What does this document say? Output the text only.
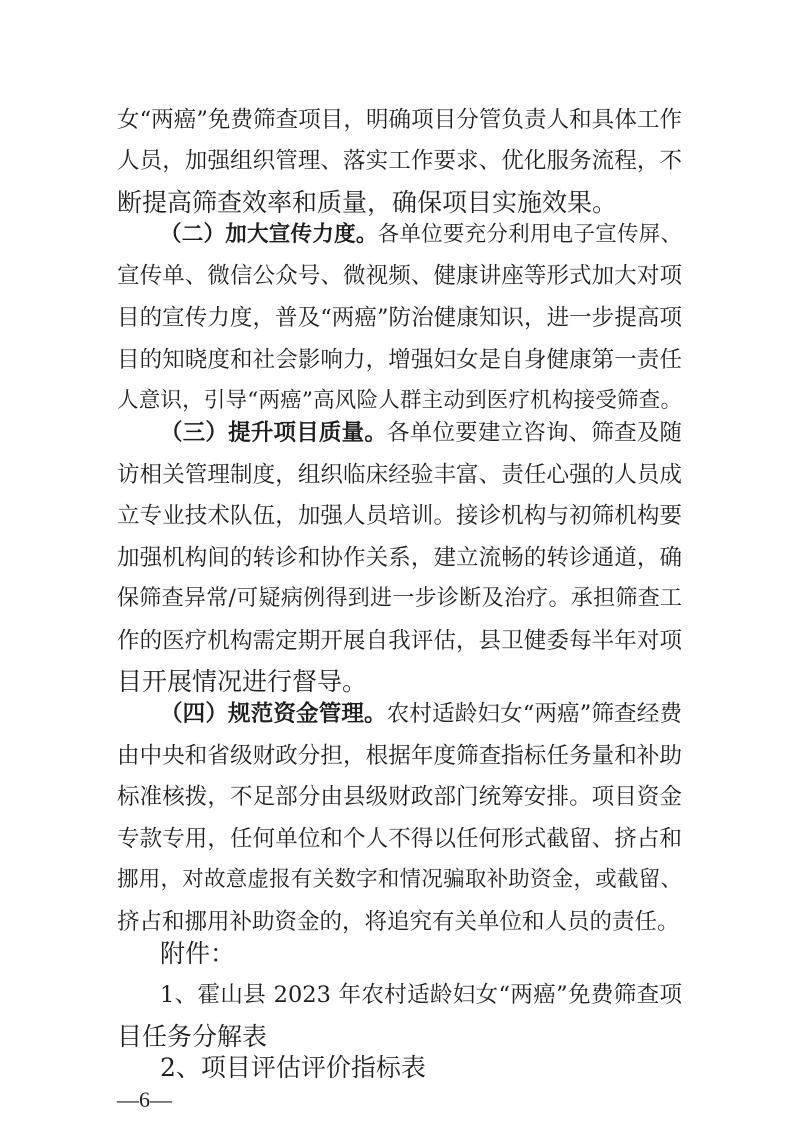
女“两癌”免费筛查项目，明确项目分管负责人和具体工作
人员，加强组织管理、落实工作要求、优化服务流程，不
断提高筛查效率和质量，确保项目实施效果。
（二）加大宣传力度。各单位要充分利用电子宣传屏、
宣传单、微信公众号、微视频、健康讲座等形式加大对项
目的宣传力度，普及“两癌”防治健康知识，进一步提高项
目的知晓度和社会影响力，增强妇女是自身健康第一责任
人意识，引导“两癌”高风险人群主动到医疗机构接受筛查。
（三）提升项目质量。各单位要建立咨询、筛查及随
访相关管理制度，组织临床经验丰富、责任心强的人员成
立专业技术队伍，加强人员培训。接诊机构与初筛机构要
加强机构间的转诊和协作关系，建立流畅的转诊通道，确
保筛查异常/可疑病例得到进一步诊断及治疗。承担筛查工
作的医疗机构需定期开展自我评估，县卫健委每半年对项
目开展情况进行督导。
（四）规范资金管理。农村适龄妇女“两癌”筛查经费
由中央和省级财政分担，根据年度筛查指标任务量和补助
标准核拨，不足部分由县级财政部门统筹安排。项目资金
专款专用，任何单位和个人不得以任何形式截留、挤占和
挪用，对故意虚报有关数字和情况骗取补助资金，或截留、
挤占和挪用补助资金的，将追究有关单位和人员的责任。
附件：
1、霍山县 2023 年农村适龄妇女“两癌”免费筛查项
目任务分解表
2、项目评估评价指标表
—6—
